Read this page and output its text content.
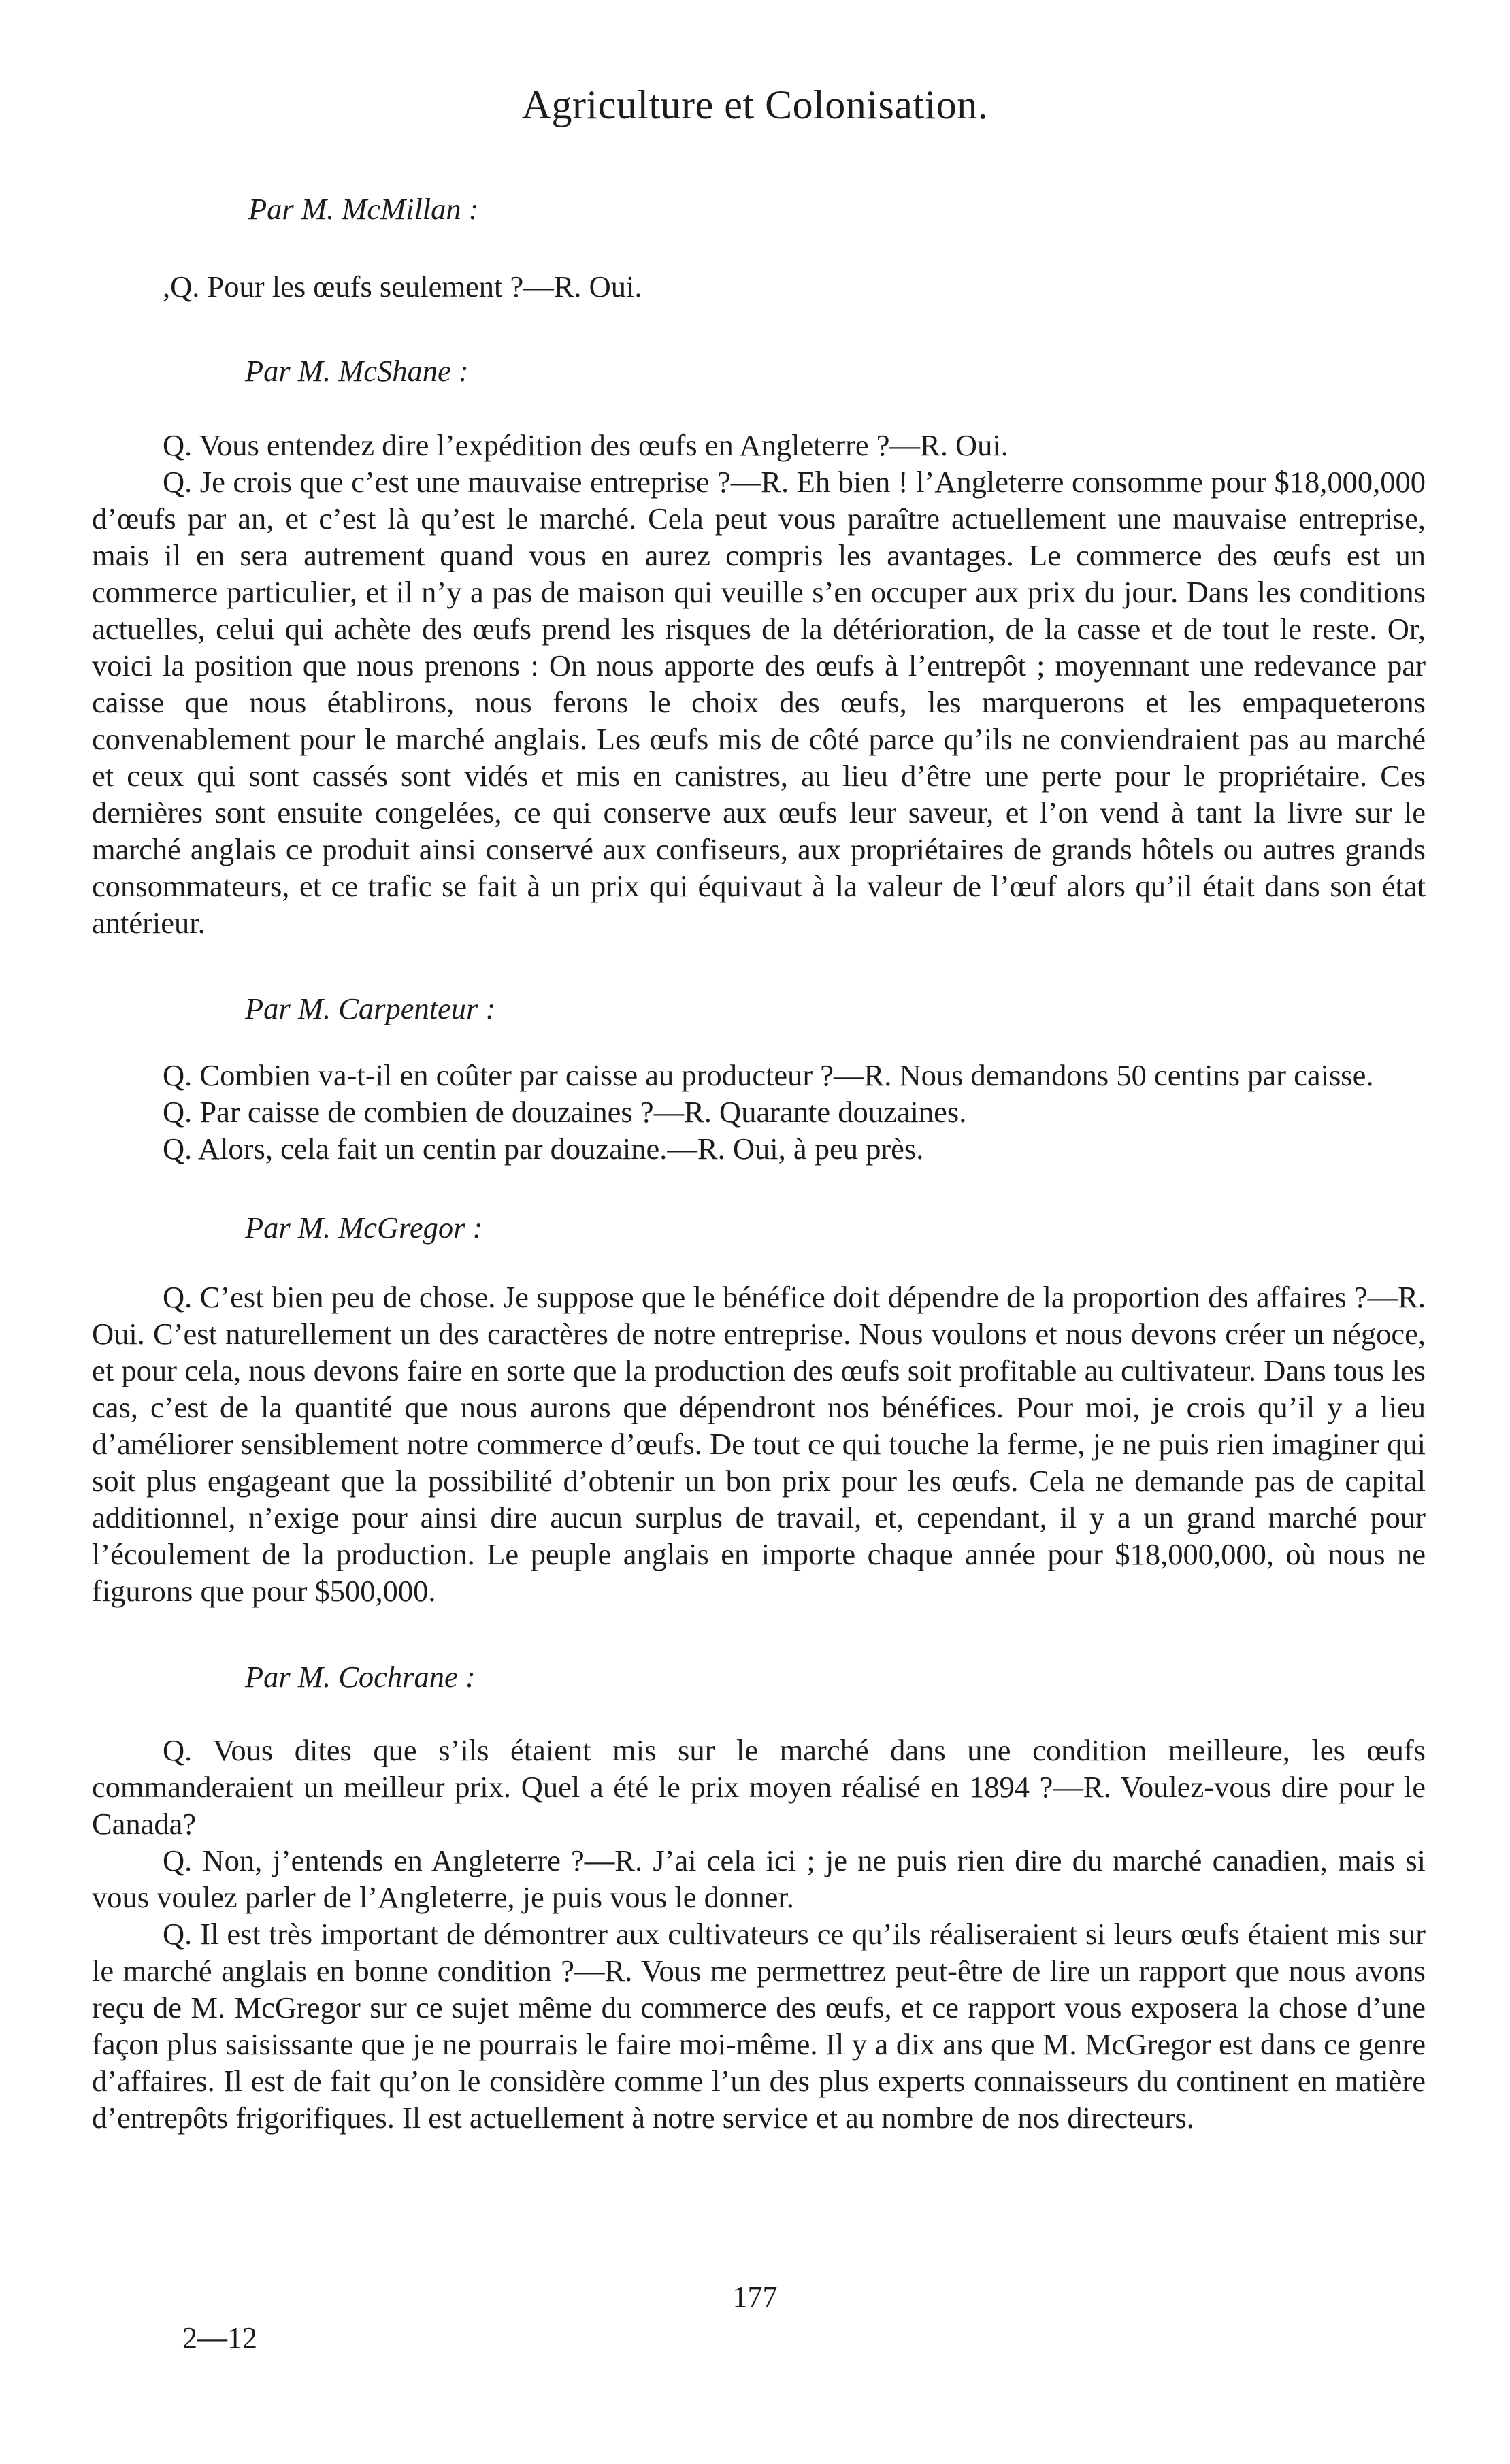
Agriculture et Colonisation.

Par M. McMillan :

,Q. Pour les œufs seulement ?—R. Oui.

Par M. McShane :

Q. Vous entendez dire l’expédition des œufs en Angleterre ?—R. Oui.

Q. Je crois que c’est une mauvaise entreprise ?—R. Eh bien ! l’Angleterre consomme pour $18,000,000 d’œufs par an, et c’est là qu’est le marché. Cela peut vous paraître actuellement une mauvaise entreprise, mais il en sera autrement quand vous en aurez compris les avantages. Le commerce des œufs est un commerce particulier, et il n’y a pas de maison qui veuille s’en occuper aux prix du jour. Dans les conditions actuelles, celui qui achète des œufs prend les risques de la détérioration, de la casse et de tout le reste. Or, voici la position que nous prenons : On nous apporte des œufs à l’entrepôt ; moyennant une redevance par caisse que nous établirons, nous ferons le choix des œufs, les marquerons et les empaqueterons convenablement pour le marché anglais. Les œufs mis de côté parce qu’ils ne conviendraient pas au marché et ceux qui sont cassés sont vidés et mis en canistres, au lieu d’être une perte pour le propriétaire. Ces dernières sont ensuite congelées, ce qui conserve aux œufs leur saveur, et l’on vend à tant la livre sur le marché anglais ce produit ainsi conservé aux confiseurs, aux propriétaires de grands hôtels ou autres grands consommateurs, et ce trafic se fait à un prix qui équivaut à la valeur de l’œuf alors qu’il était dans son état antérieur.

Par M. Carpenteur :

Q. Combien va-t-il en coûter par caisse au producteur ?—R. Nous demandons 50 centins par caisse.

Q. Par caisse de combien de douzaines ?—R. Quarante douzaines.

Q. Alors, cela fait un centin par douzaine.—R. Oui, à peu près.

Par M. McGregor :

Q. C’est bien peu de chose. Je suppose que le bénéfice doit dépendre de la proportion des affaires ?—R. Oui. C’est naturellement un des caractères de notre entreprise. Nous voulons et nous devons créer un négoce, et pour cela, nous devons faire en sorte que la production des œufs soit profitable au cultivateur. Dans tous les cas, c’est de la quantité que nous aurons que dépendront nos bénéfices. Pour moi, je crois qu’il y a lieu d’améliorer sensiblement notre commerce d’œufs. De tout ce qui touche la ferme, je ne puis rien imaginer qui soit plus engageant que la possibilité d’obtenir un bon prix pour les œufs. Cela ne demande pas de capital additionnel, n’exige pour ainsi dire aucun surplus de travail, et, cependant, il y a un grand marché pour l’écoulement de la production. Le peuple anglais en importe chaque année pour $18,000,000, où nous ne figurons que pour $500,000.

Par M. Cochrane :

Q. Vous dites que s’ils étaient mis sur le marché dans une condition meilleure, les œufs commanderaient un meilleur prix. Quel a été le prix moyen réalisé en 1894 ?—R. Voulez-vous dire pour le Canada?

Q. Non, j’entends en Angleterre ?—R. J’ai cela ici ; je ne puis rien dire du marché canadien, mais si vous voulez parler de l’Angleterre, je puis vous le donner.

Q. Il est très important de démontrer aux cultivateurs ce qu’ils réaliseraient si leurs œufs étaient mis sur le marché anglais en bonne condition ?—R. Vous me permettrez peut-être de lire un rapport que nous avons reçu de M. McGregor sur ce sujet même du commerce des œufs, et ce rapport vous exposera la chose d’une façon plus saisissante que je ne pourrais le faire moi-même. Il y a dix ans que M. McGregor est dans ce genre d’affaires. Il est de fait qu’on le considère comme l’un des plus experts connaisseurs du continent en matière d’entrepôts frigorifiques. Il est actuellement à notre service et au nombre de nos directeurs.

177
2—12
